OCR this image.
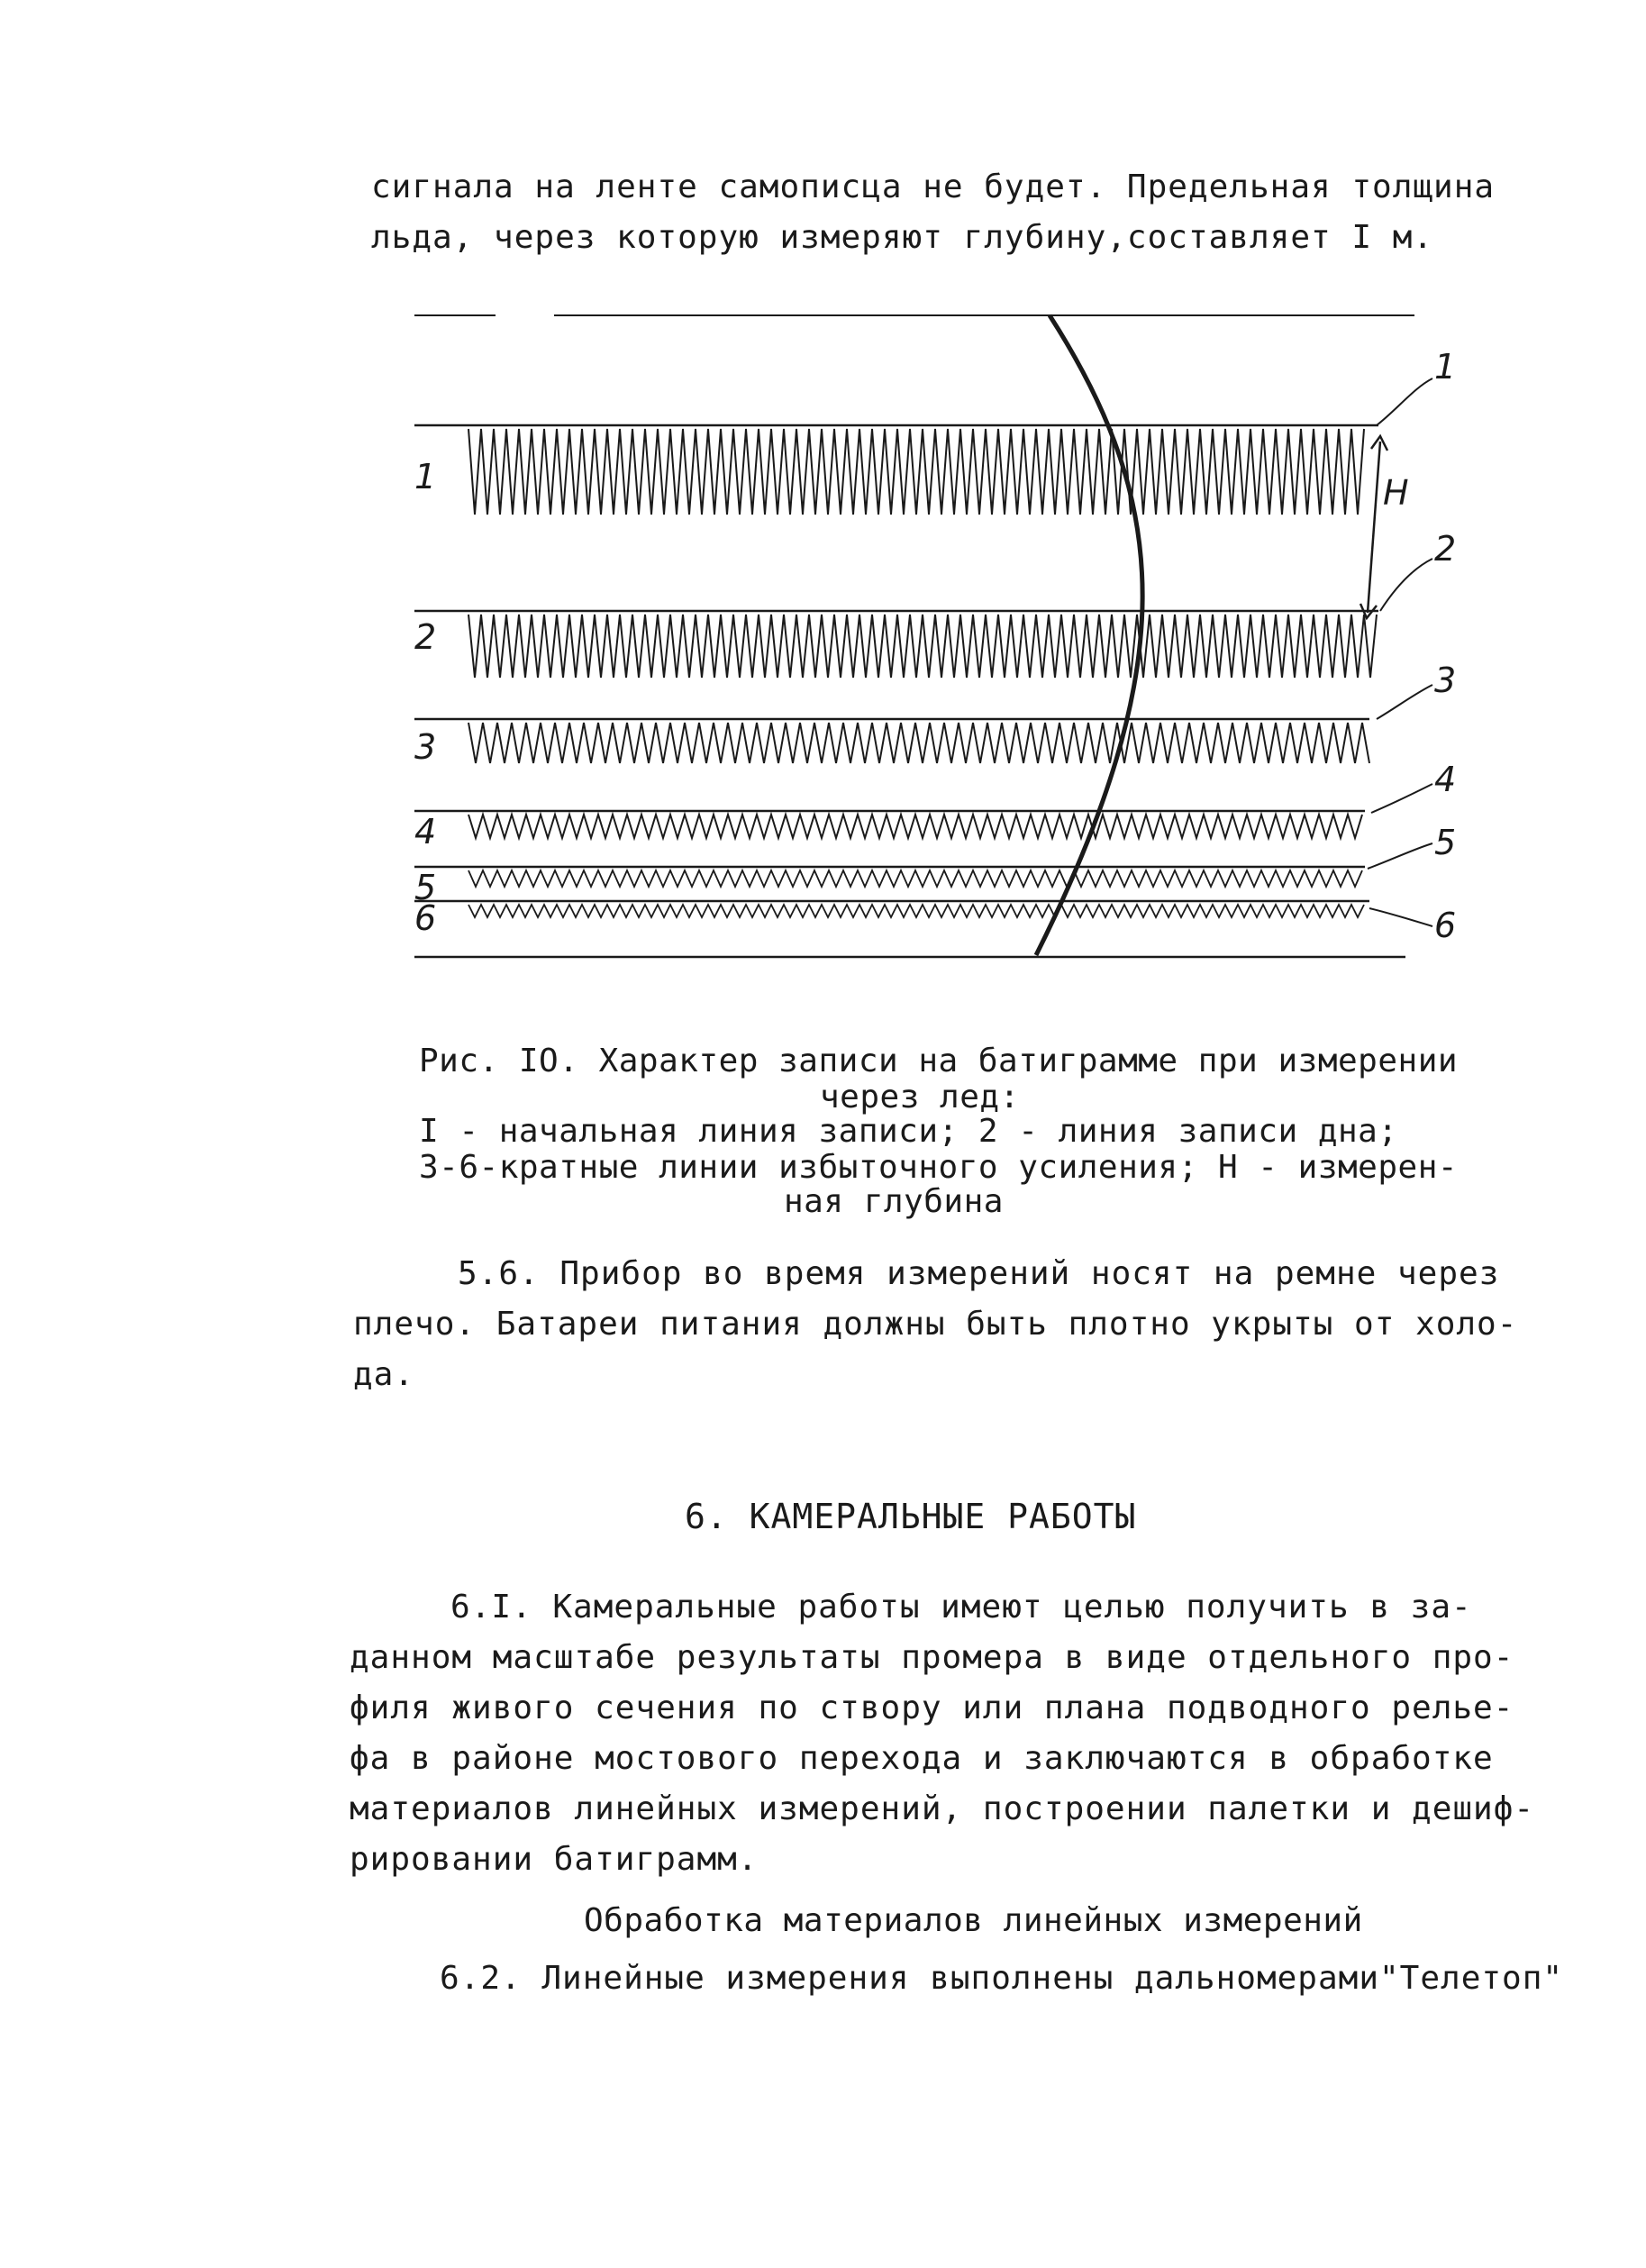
сигнала на ленте самописца не будет. Предельная толщина
льда, через которую измеряют глубину,составляет I м.
H
1
2
3
4
5
6
1
2
3
4
5
6
Рис. IO. Характер записи на батиграмме при измерении
через лед:
I - начальная линия записи; 2 - линия записи дна;
3-6-кратные линии избыточного усиления; H - измерен-
ная глубина
5.6. Прибор во время измерений носят на ремне через
плечо. Батареи питания должны быть плотно укрыты от холо-
да.
6. КАМЕРАЛЬНЫЕ РАБОТЫ
6.I. Камеральные работы имеют целью получить в за-
данном масштабе результаты промера в виде отдельного про-
филя живого сечения по створу или плана подводного релье-
фа в районе мостового перехода и заключаются в обработке
материалов линейных измерений, построении палетки и дешиф-
рировании батиграмм.
Обработка материалов линейных измерений
6.2. Линейные измерения выполнены дальномерами"Телетоп"
